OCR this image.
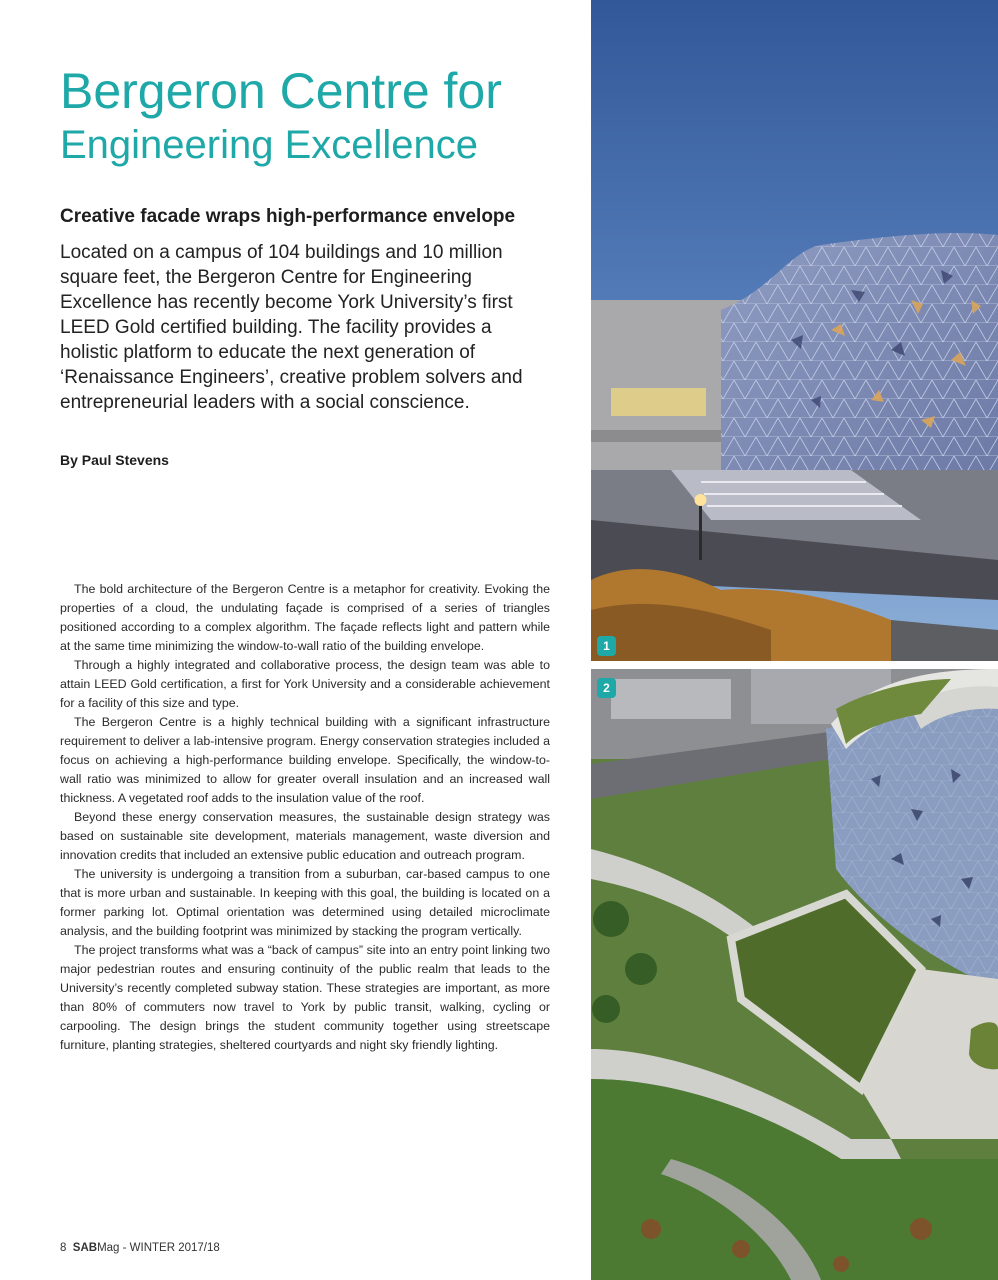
Bergeron Centre for
Engineering Excellence
Creative facade wraps high-performance envelope

Located on a campus of 104 buildings and 10 million square feet, the Bergeron Centre for Engineering Excellence has recently become York University’s first LEED Gold certified building. The facility provides a holistic platform to educate the next generation of ‘Renaissance Engineers’, creative problem solvers and entrepreneurial leaders with a social conscience.

By Paul Stevens

The bold architecture of the Bergeron Centre is a metaphor for creativity. Evoking the properties of a cloud, the undulating façade is comprised of a series of triangles positioned according to a complex algorithm. The façade reflects light and pattern while at the same time minimizing the window-to-wall ratio of the building envelope.

Through a highly integrated and collaborative process, the design team was able to attain LEED Gold certification, a first for York University and a considerable achievement for a facility of this size and type.

The Bergeron Centre is a highly technical building with a significant infrastructure requirement to deliver a lab-intensive program. Energy conservation strategies included a focus on achieving a high-performance building envelope. Specifically, the window-to-wall ratio was minimized to allow for greater overall insulation and an increased wall thickness. A vegetated roof adds to the insulation value of the roof.

Beyond these energy conservation measures, the sustainable design strategy was based on sustainable site development, materials management, waste diversion and innovation credits that included an extensive public education and outreach program.

The university is undergoing a transition from a suburban, car-based campus to one that is more urban and sustainable. In keeping with this goal, the building is located on a former parking lot. Optimal orientation was determined using detailed microclimate analysis, and the building footprint was minimized by stacking the program vertically.

The project transforms what was a “back of campus” site into an entry point linking two major pedestrian routes and ensuring continuity of the public realm that leads to the University’s recently completed subway station. These strategies are important, as more than 80% of commuters now travel to York by public transit, walking, cycling or carpooling. The design brings the student community together using streetscape furniture, planting strategies, sheltered courtyards and night sky friendly lighting.

8 SABMag - WINTER 2017/18
1
2
